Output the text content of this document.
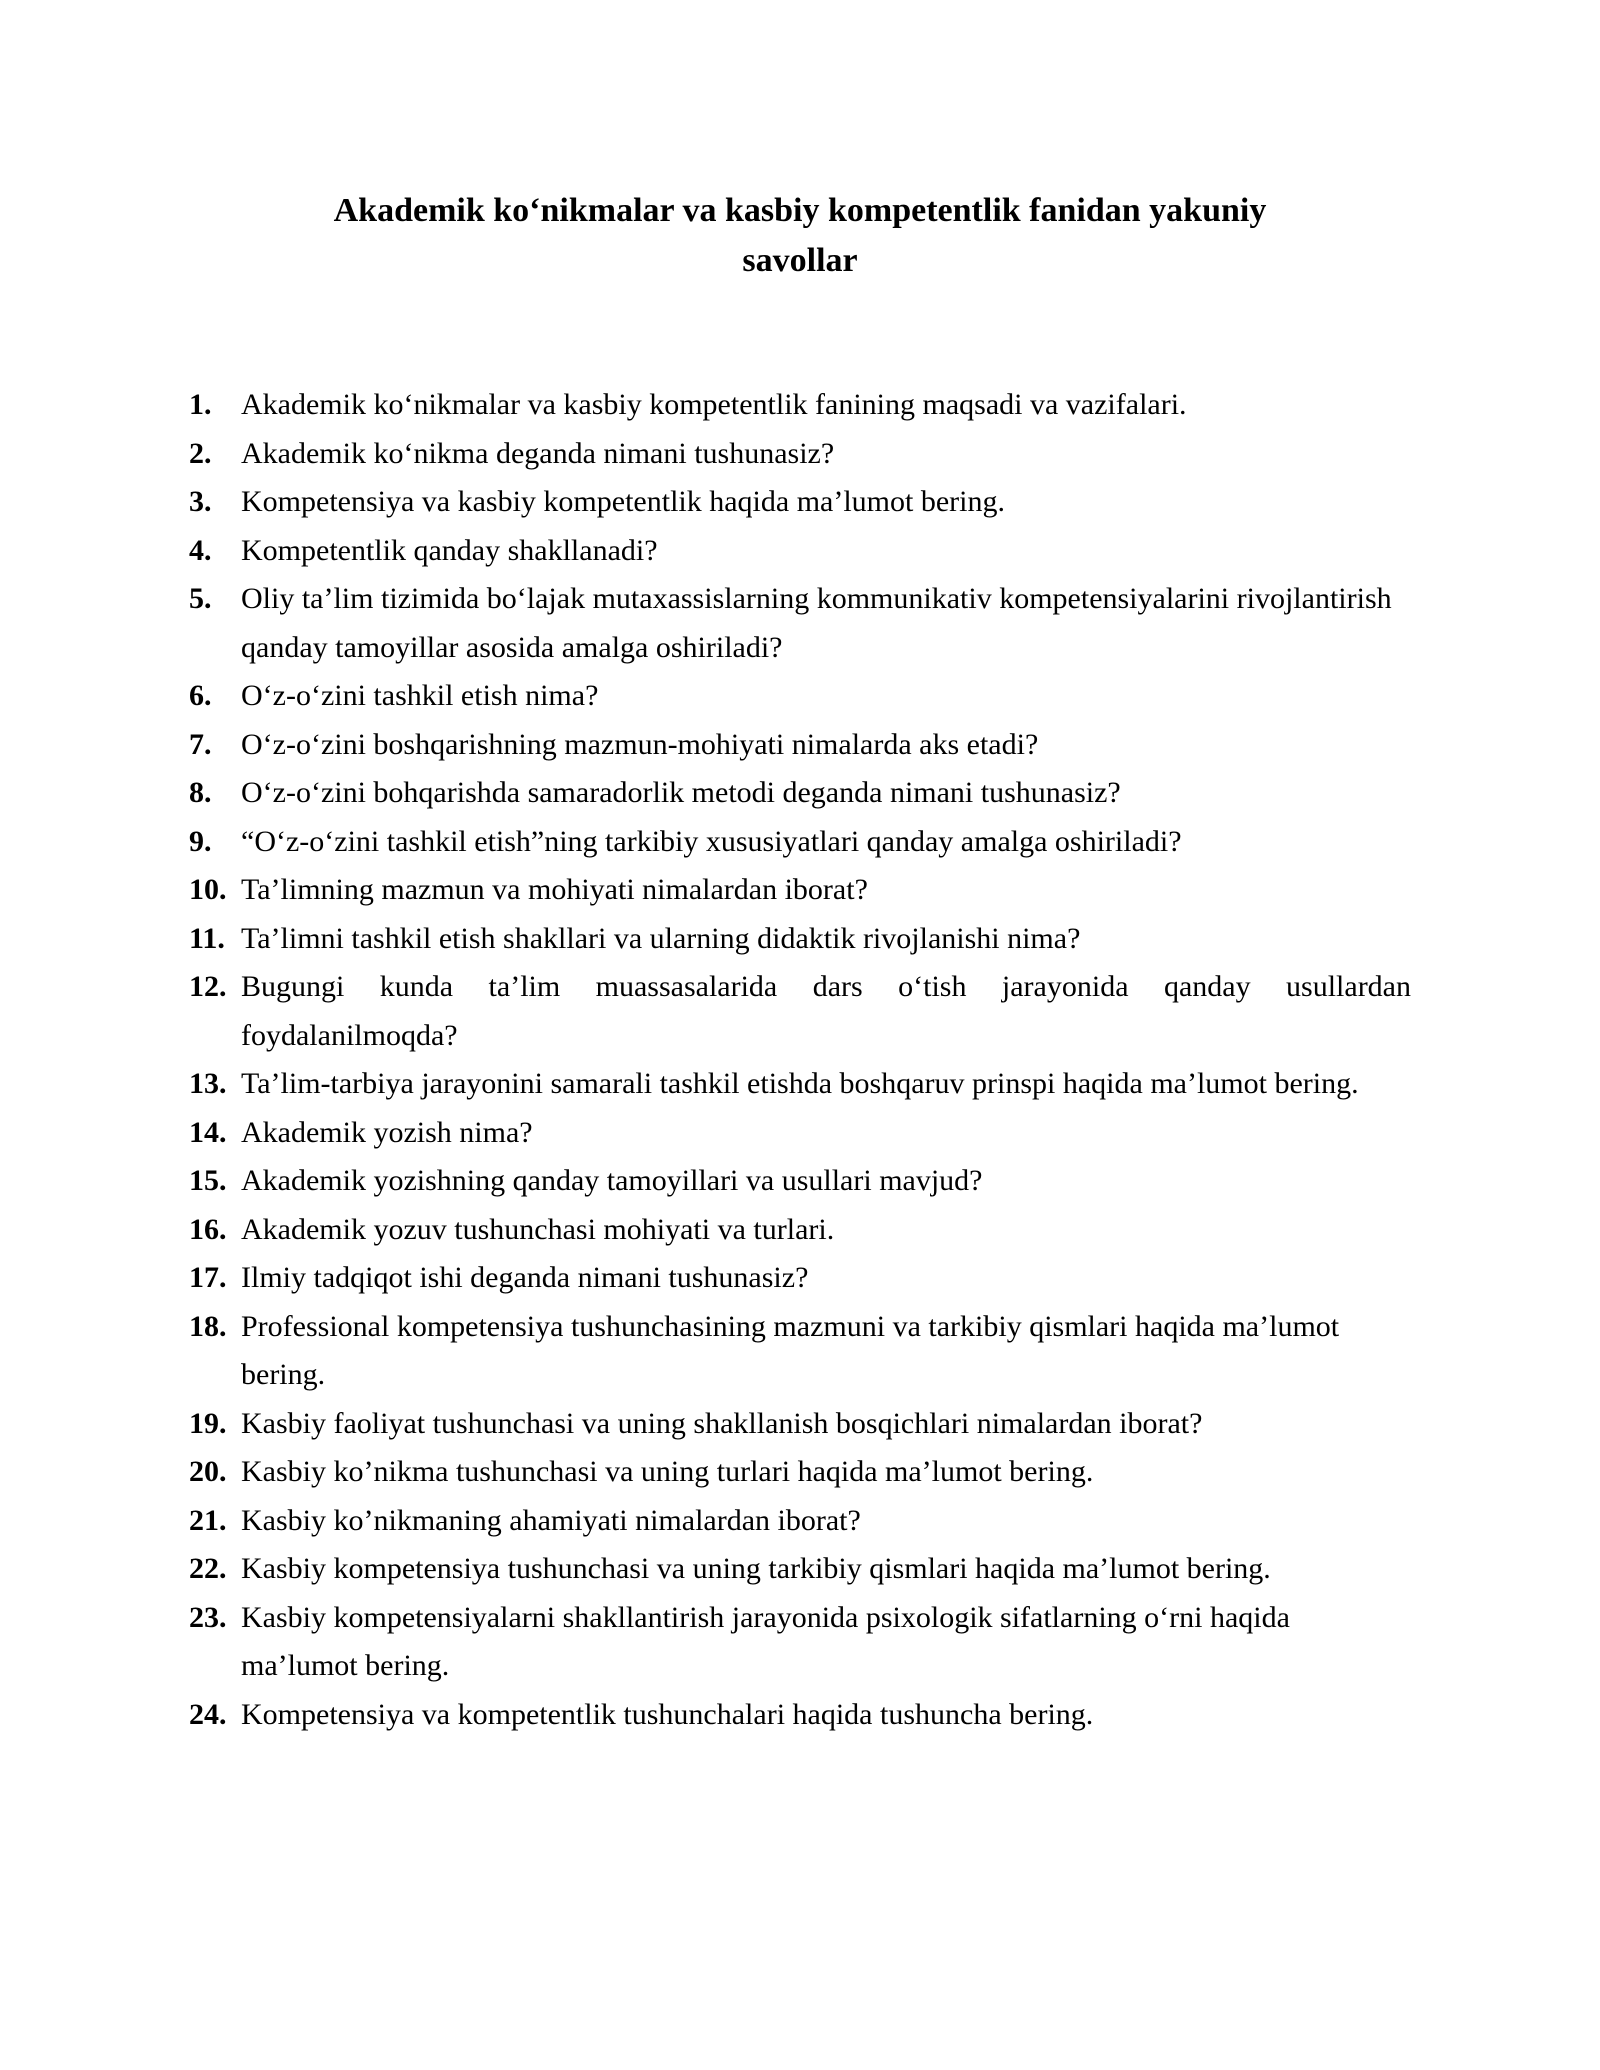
Akademik ko‘nikmalar va kasbiy kompetentlik fanidan yakuniy
savollar
1. Akademik ko‘nikmalar va kasbiy kompetentlik fanining maqsadi va vazifalari.
2. Akademik ko‘nikma deganda nimani tushunasiz?
3. Kompetensiya va kasbiy kompetentlik haqida ma’lumot bering.
4. Kompetentlik qanday shakllanadi?
5. Oliy ta’lim tizimida bo‘lajak mutaxassislarning kommunikativ kompetensiyalarini rivojlantirish qanday tamoyillar asosida amalga oshiriladi?
6. O‘z-o‘zini tashkil etish nima?
7. O‘z-o‘zini boshqarishning mazmun-mohiyati nimalarda aks etadi?
8. O‘z-o‘zini bohqarishda samaradorlik metodi deganda nimani tushunasiz?
9. “O‘z-o‘zini tashkil etish”ning tarkibiy xususiyatlari qanday amalga oshiriladi?
10. Ta’limning mazmun va mohiyati nimalardan iborat?
11. Ta’limni tashkil etish shakllari va ularning didaktik rivojlanishi nima?
12. Bugungi kunda ta’lim muassasalarida dars o‘tish jarayonida qanday usullardan foydalanilmoqda?
13. Ta’lim-tarbiya jarayonini samarali tashkil etishda boshqaruv prinspi haqida ma’lumot bering.
14. Akademik yozish nima?
15. Akademik yozishning qanday tamoyillari va usullari mavjud?
16. Akademik yozuv tushunchasi mohiyati va turlari.
17. Ilmiy tadqiqot ishi deganda nimani tushunasiz?
18. Professional kompetensiya tushunchasining mazmuni va tarkibiy qismlari haqida ma’lumot bering.
19. Kasbiy faoliyat tushunchasi va uning shakllanish bosqichlari nimalardan iborat?
20. Kasbiy ko’nikma tushunchasi va uning turlari haqida ma’lumot bering.
21. Kasbiy ko’nikmaning ahamiyati nimalardan iborat?
22. Kasbiy kompetensiya tushunchasi va uning tarkibiy qismlari haqida ma’lumot bering.
23. Kasbiy kompetensiyalarni shakllantirish jarayonida psixologik sifatlarning o‘rni haqida ma’lumot bering.
24. Kompetensiya va kompetentlik tushunchalari haqida tushuncha bering.
